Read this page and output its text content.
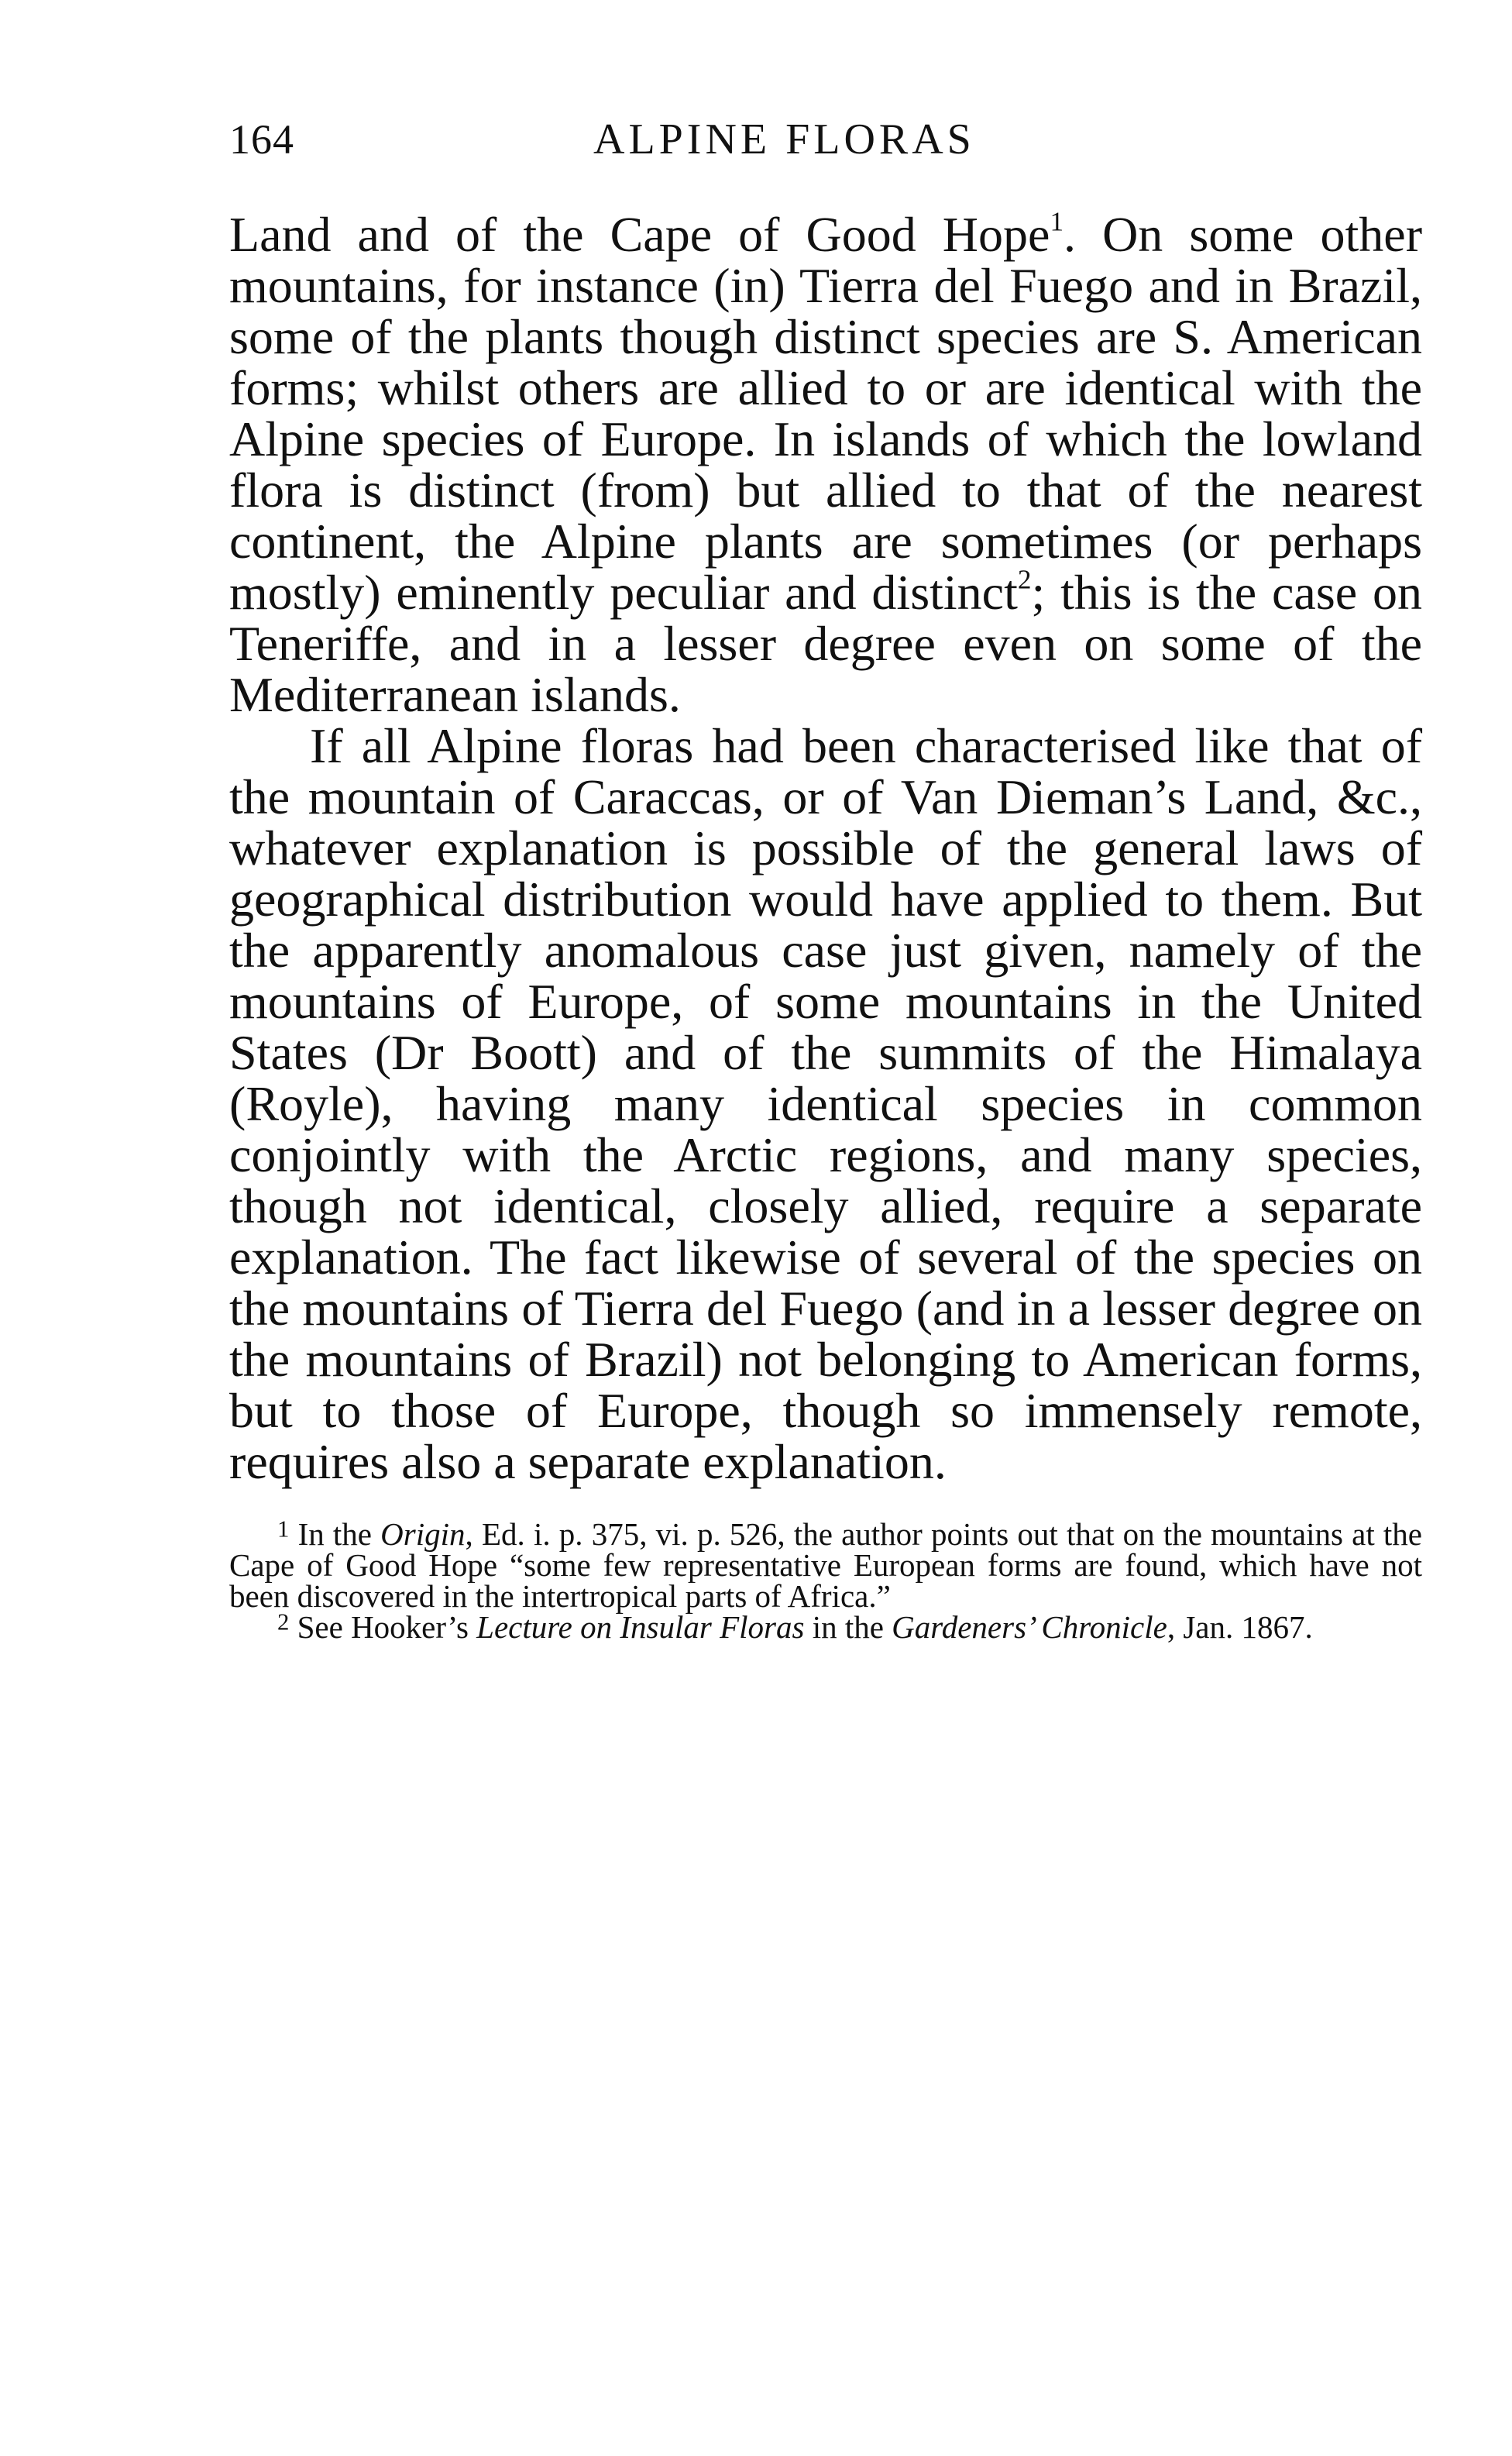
164	ALPINE FLORAS

Land and of the Cape of Good Hope$^1$. On some other mountains, for instance (in) Tierra del Fuego and in Brazil, some of the plants though distinct species are S. American forms; whilst others are allied to or are identical with the Alpine species of Europe. In islands of which the lowland flora is distinct (from) but allied to that of the nearest continent, the Alpine plants are sometimes (or perhaps mostly) eminently peculiar and distinct$^2$; this is the case on Teneriffe, and in a lesser degree even on some of the Mediterranean islands.

If all Alpine floras had been characterised like that of the mountain of Caraccas, or of Van Dieman’s Land, &c., whatever explanation is possible of the general laws of geographical distribution would have applied to them. But the apparently anomalous case just given, namely of the mountains of Europe, of some mountains in the United States (Dr Boott) and of the summits of the Himalaya (Royle), having many identical species in common conjointly with the Arctic regions, and many species, though not identical, closely allied, require a separate explanation. The fact likewise of several of the species on the mountains of Tierra del Fuego (and in a lesser degree on the mountains of Brazil) not belonging to American forms, but to those of Europe, though so immensely remote, requires also a separate explanation.

$^1$ In the Origin, Ed. i. p. 375, vi. p. 526, the author points out that on the mountains at the Cape of Good Hope “some few representative European forms are found, which have not been discovered in the intertropical parts of Africa.”

$^2$ See Hooker’s Lecture on Insular Floras in the Gardeners’ Chronicle, Jan. 1867.
